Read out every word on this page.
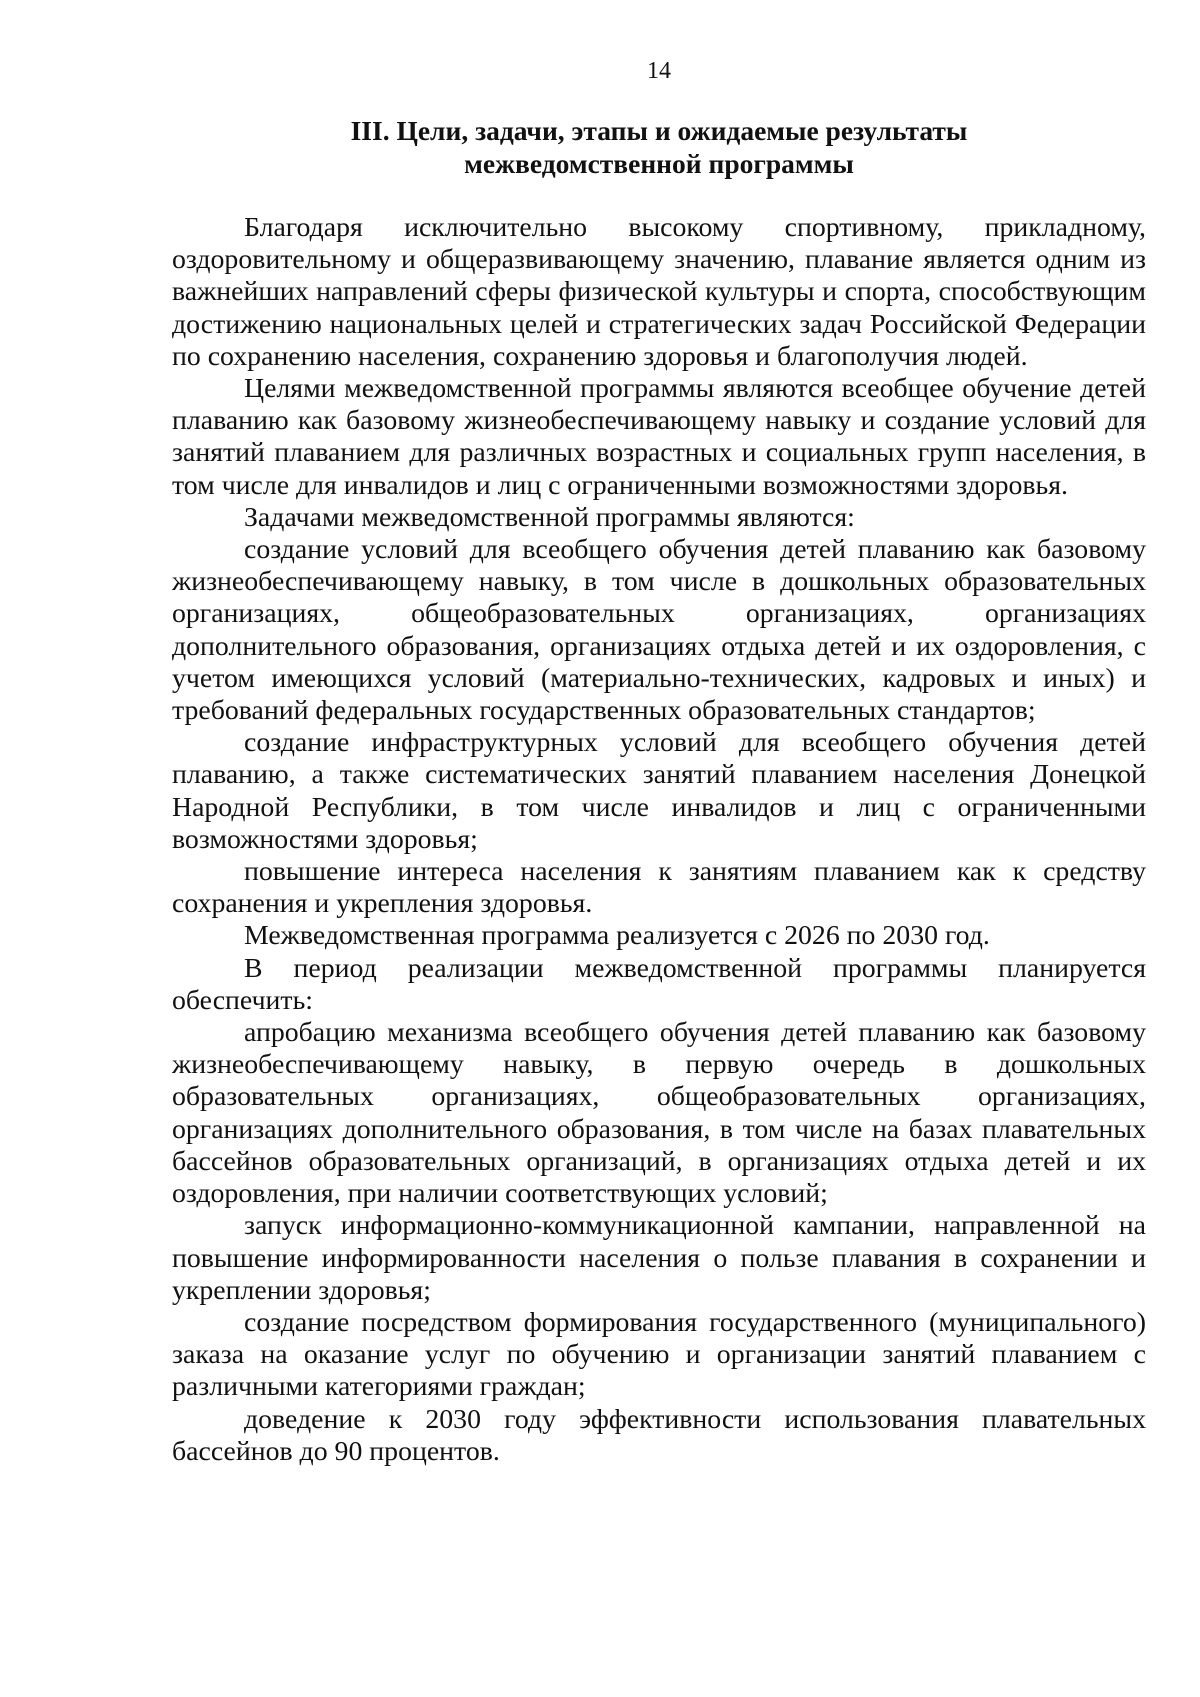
14
III. Цели, задачи, этапы и ожидаемые результаты
межведомственной программы

Благодаря исключительно высокому спортивному, прикладному, оздоровительному и общеразвивающему значению, плавание является одним из важнейших направлений сферы физической культуры и спорта, способствующим достижению национальных целей и стратегических задач Российской Федерации по сохранению населения, сохранению здоровья и благополучия людей.

Целями межведомственной программы являются всеобщее обучение детей плаванию как базовому жизнеобеспечивающему навыку и создание условий для занятий плаванием для различных возрастных и социальных групп населения, в том числе для инвалидов и лиц с ограниченными возможностями здоровья.

Задачами межведомственной программы являются:

создание условий для всеобщего обучения детей плаванию как базовому жизнеобеспечивающему навыку, в том числе в дошкольных образовательных организациях, общеобразовательных организациях, организациях дополнительного образования, организациях отдыха детей и их оздоровления, с учетом имеющихся условий (материально-технических, кадровых и иных) и требований федеральных государственных образовательных стандартов;

создание инфраструктурных условий для всеобщего обучения детей плаванию, а также систематических занятий плаванием населения Донецкой Народной Республики, в том числе инвалидов и лиц с ограниченными возможностями здоровья;

повышение интереса населения к занятиям плаванием как к средству сохранения и укрепления здоровья.

Межведомственная программа реализуется с 2026 по 2030 год.

В период реализации межведомственной программы планируется обеспечить:

апробацию механизма всеобщего обучения детей плаванию как базовому жизнеобеспечивающему навыку, в первую очередь в дошкольных образовательных организациях, общеобразовательных организациях, организациях дополнительного образования, в том числе на базах плавательных бассейнов образовательных организаций, в организациях отдыха детей и их оздоровления, при наличии соответствующих условий;

запуск информационно-коммуникационной кампании, направленной на повышение информированности населения о пользе плавания в сохранении и укреплении здоровья;

создание посредством формирования государственного (муниципального) заказа на оказание услуг по обучению и организации занятий плаванием с различными категориями граждан;

доведение к 2030 году эффективности использования плавательных бассейнов до 90 процентов.
